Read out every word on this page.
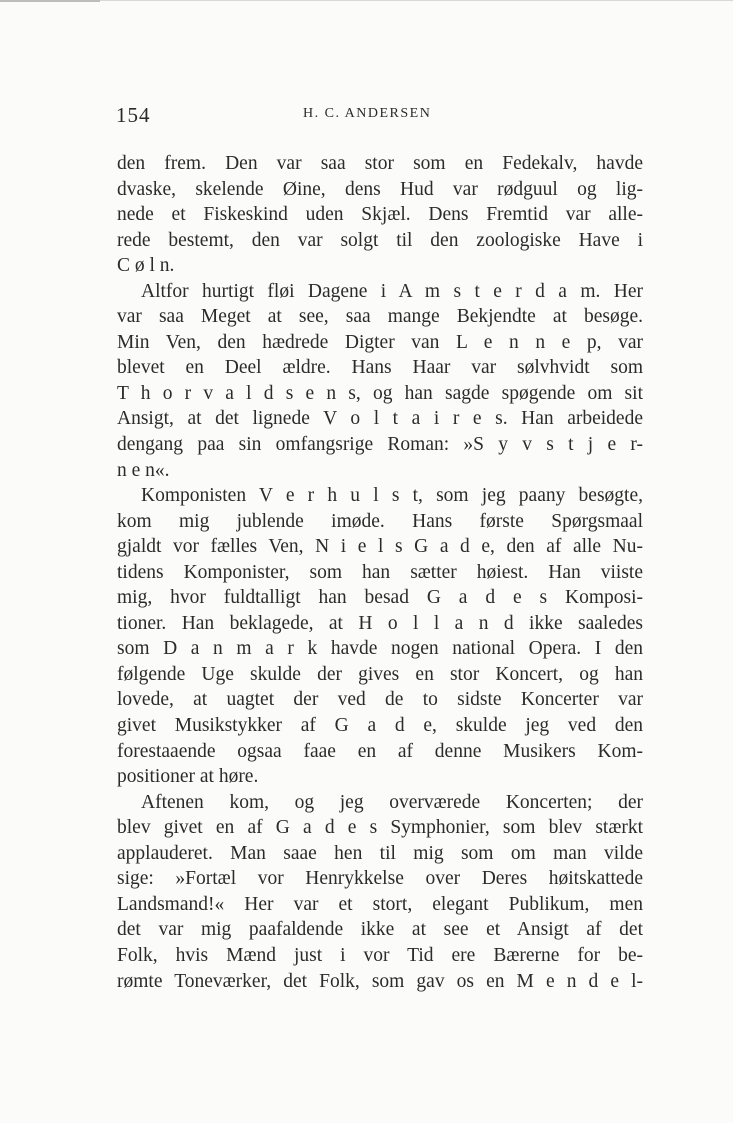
154	H. C. ANDERSEN
den frem. Den var saa stor som en Fedekalv, havde
dvaske, skelende Øine, dens Hud var rødguul og lig-
nede et Fiskeskind uden Skjæl. Dens Fremtid var alle-
rede bestemt, den var solgt til den zoologiske Have i
C ø l n.
Altfor hurtigt fløi Dagene i A m s t e r d a m. Her
var saa Meget at see, saa mange Bekjendte at besøge.
Min Ven, den hædrede Digter van L e n n e p, var
blevet en Deel ældre. Hans Haar var sølvhvidt som
T h o r v a l d s e n s, og han sagde spøgende om sit
Ansigt, at det lignede V o l t a i r e s. Han arbeidede
dengang paa sin omfangsrige Roman: »S y v s t j e r-
n e n«.
Komponisten V e r h u l s t, som jeg paany besøgte,
kom mig jublende imøde. Hans første Spørgsmaal
gjaldt vor fælles Ven, N i e l s G a d e, den af alle Nu-
tidens Komponister, som han sætter høiest. Han viiste
mig, hvor fuldtalligt han besad G a d e s Komposi-
tioner. Han beklagede, at H o l l a n d ikke saaledes
som D a n m a r k havde nogen national Opera. I den
følgende Uge skulde der gives en stor Koncert, og han
lovede, at uagtet der ved de to sidste Koncerter var
givet Musikstykker af G a d e, skulde jeg ved den
forestaaende ogsaa faae en af denne Musikers Kom-
positioner at høre.
Aftenen kom, og jeg overværede Koncerten; der
blev givet en af G a d e s Symphonier, som blev stærkt
applauderet. Man saae hen til mig som om man vilde
sige: »Fortæl vor Henrykkelse over Deres høitskattede
Landsmand!« Her var et stort, elegant Publikum, men
det var mig paafaldende ikke at see et Ansigt af det
Folk, hvis Mænd just i vor Tid ere Bærerne for be-
rømte Toneværker, det Folk, som gav os en M e n d e l-
